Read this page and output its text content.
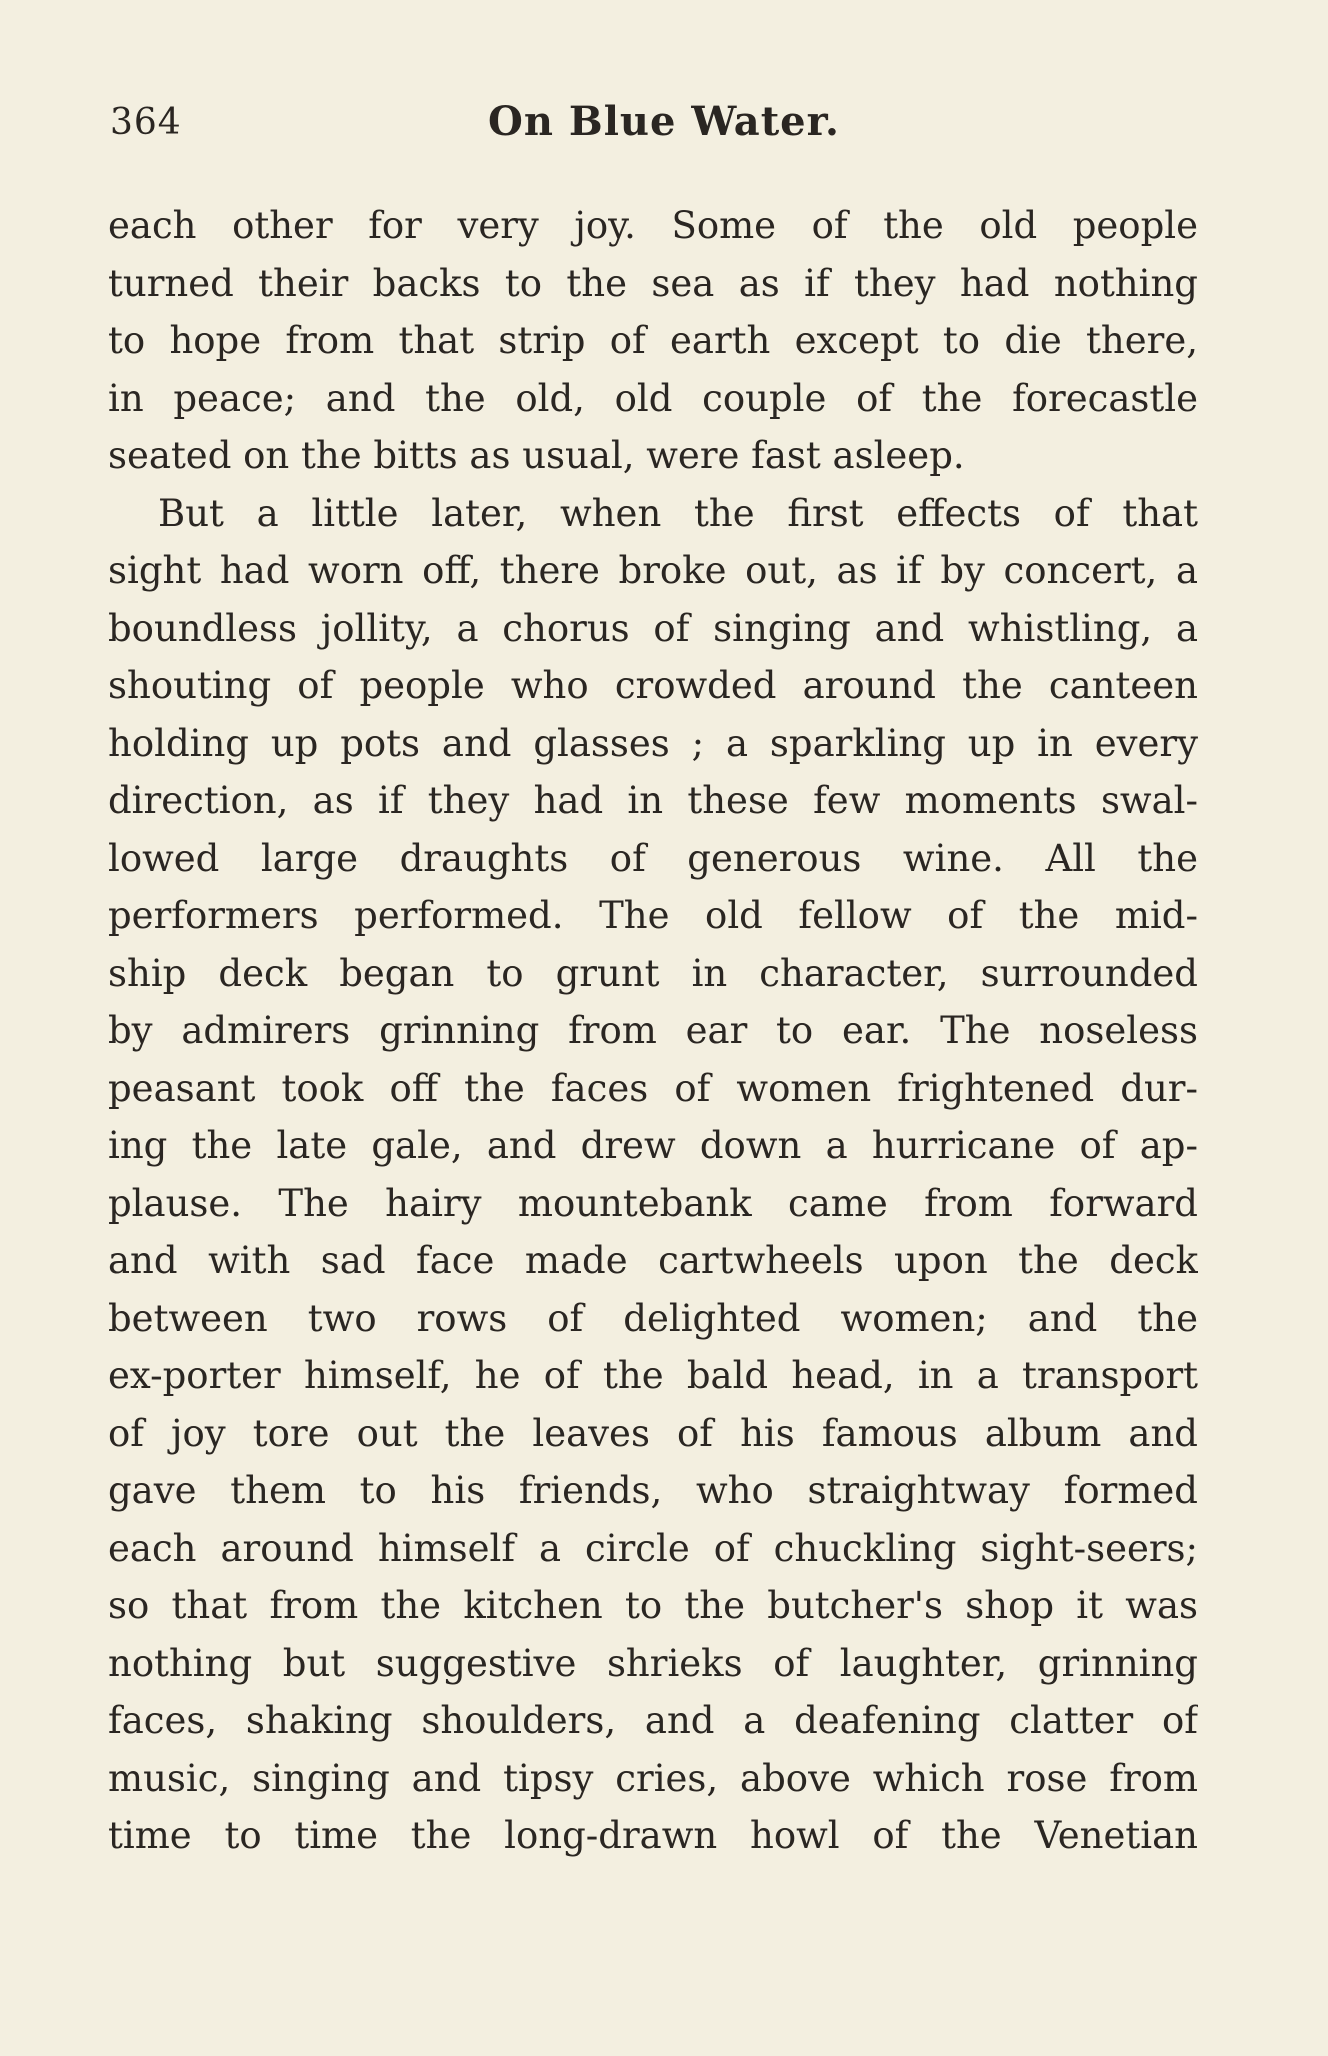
364	On Blue Water.
each other for very joy. Some of the old people
turned their backs to the sea as if they had nothing
to hope from that strip of earth except to die there,
in peace; and the old, old couple of the forecastle
seated on the bitts as usual, were fast asleep.
But a little later, when the first effects of that
sight had worn off, there broke out, as if by concert, a
boundless jollity, a chorus of singing and whistling, a
shouting of people who crowded around the canteen
holding up pots and glasses ; a sparkling up in every
direction, as if they had in these few moments swal-
lowed large draughts of generous wine. All the
performers performed. The old fellow of the mid-
ship deck began to grunt in character, surrounded
by admirers grinning from ear to ear. The noseless
peasant took off the faces of women frightened dur-
ing the late gale, and drew down a hurricane of ap-
plause. The hairy mountebank came from forward
and with sad face made cartwheels upon the deck
between two rows of delighted women; and the
ex-porter himself, he of the bald head, in a transport
of joy tore out the leaves of his famous album and
gave them to his friends, who straightway formed
each around himself a circle of chuckling sight-seers;
so that from the kitchen to the butcher's shop it was
nothing but suggestive shrieks of laughter, grinning
faces, shaking shoulders, and a deafening clatter of
music, singing and tipsy cries, above which rose from
time to time the long-drawn howl of the Venetian
